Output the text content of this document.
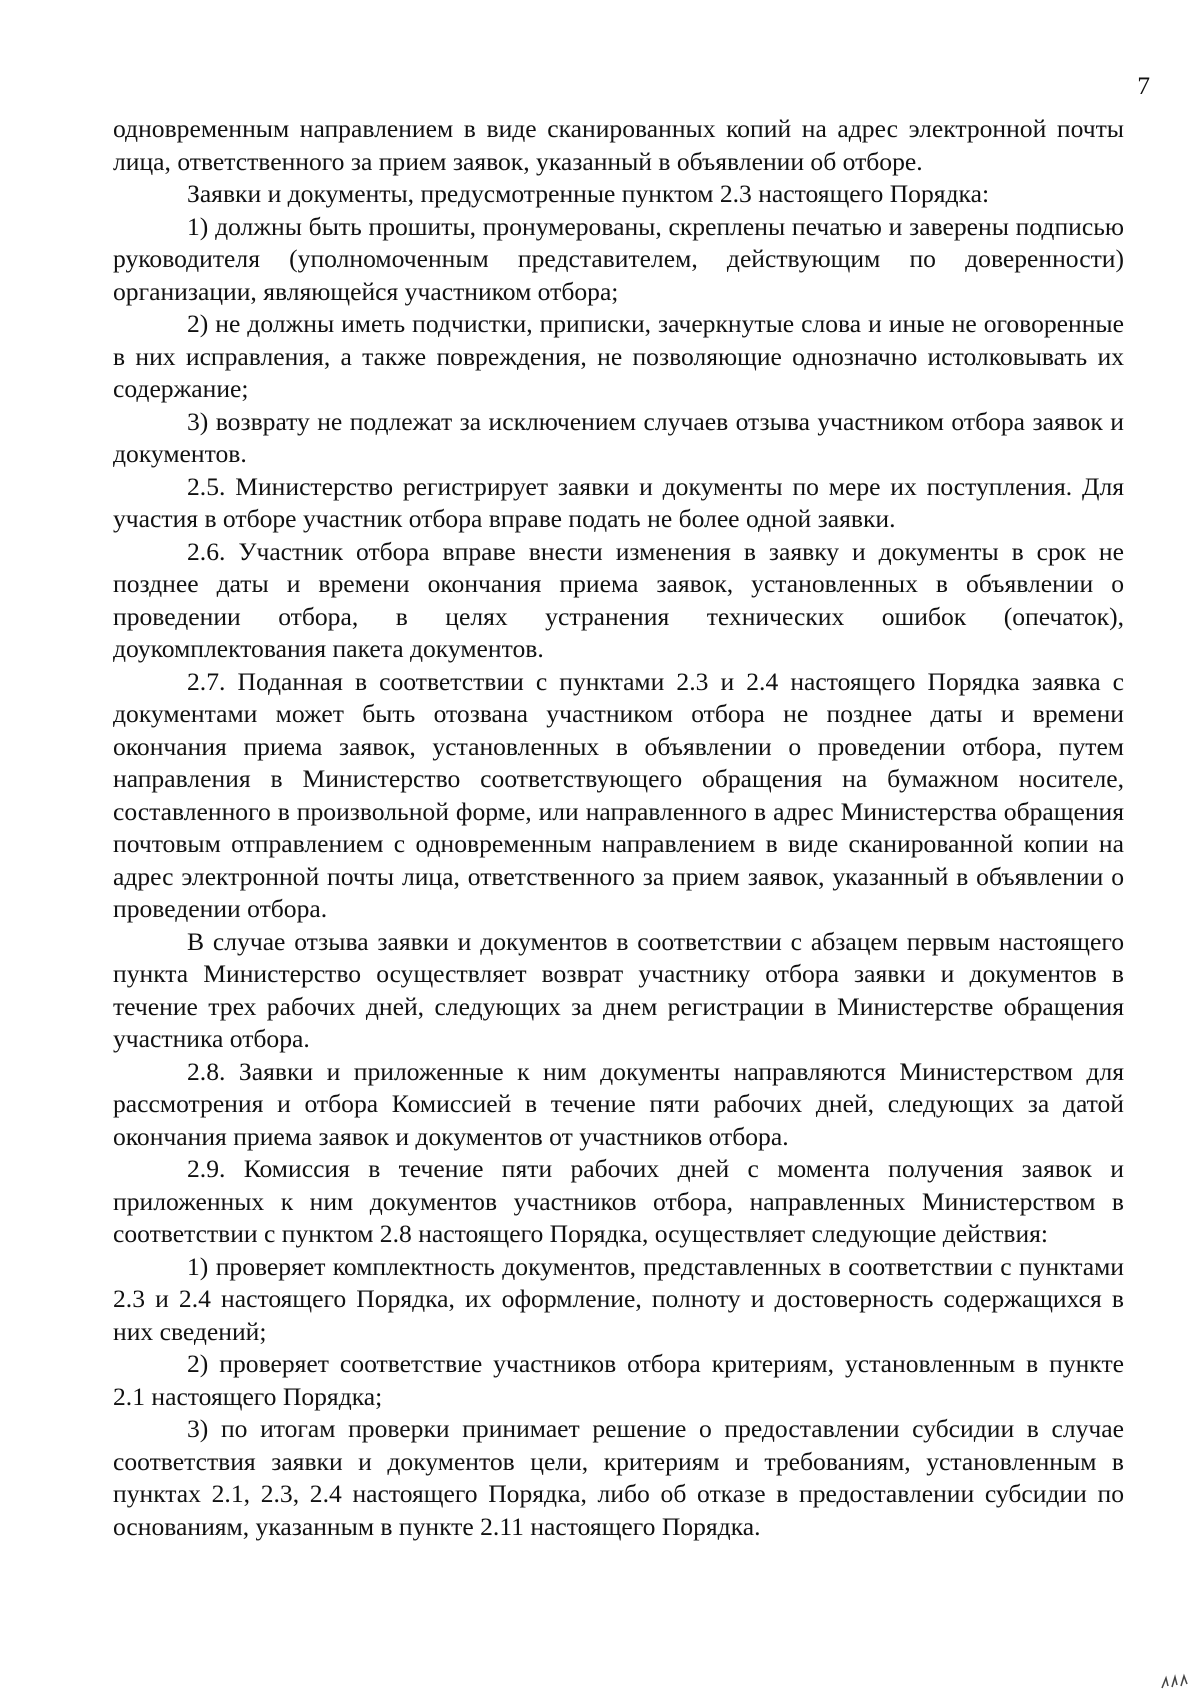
7

одновременным направлением в виде сканированных копий на адрес электронной почты лица, ответственного за прием заявок, указанный в объявлении об отборе.

Заявки и документы, предусмотренные пунктом 2.3 настоящего Порядка:

1) должны быть прошиты, пронумерованы, скреплены печатью и заверены подписью руководителя (уполномоченным представителем, действующим по доверенности) организации, являющейся участником отбора;

2) не должны иметь подчистки, приписки, зачеркнутые слова и иные не оговоренные в них исправления, а также повреждения, не позволяющие однозначно истолковывать их содержание;

3) возврату не подлежат за исключением случаев отзыва участником отбора заявок и документов.

2.5. Министерство регистрирует заявки и документы по мере их поступления. Для участия в отборе участник отбора вправе подать не более одной заявки.

2.6. Участник отбора вправе внести изменения в заявку и документы в срок не позднее даты и времени окончания приема заявок, установленных в объявлении о проведении отбора, в целях устранения технических ошибок (опечаток), доукомплектования пакета документов.

2.7. Поданная в соответствии с пунктами 2.3 и 2.4 настоящего Порядка заявка с документами может быть отозвана участником отбора не позднее даты и времени окончания приема заявок, установленных в объявлении о проведении отбора, путем направления в Министерство соответствующего обращения на бумажном носителе, составленного в произвольной форме, или направленного в адрес Министерства обращения почтовым отправлением с одновременным направлением в виде сканированной копии на адрес электронной почты лица, ответственного за прием заявок, указанный в объявлении о проведении отбора.

В случае отзыва заявки и документов в соответствии с абзацем первым настоящего пункта Министерство осуществляет возврат участнику отбора заявки и документов в течение трех рабочих дней, следующих за днем регистрации в Министерстве обращения участника отбора.

2.8. Заявки и приложенные к ним документы направляются Министерством для рассмотрения и отбора Комиссией в течение пяти рабочих дней, следующих за датой окончания приема заявок и документов от участников отбора.

2.9. Комиссия в течение пяти рабочих дней с момента получения заявок и приложенных к ним документов участников отбора, направленных Министерством в соответствии с пунктом 2.8 настоящего Порядка, осуществляет следующие действия:

1) проверяет комплектность документов, представленных в соответствии с пунктами 2.3 и 2.4 настоящего Порядка, их оформление, полноту и достоверность содержащихся в них сведений;

2) проверяет соответствие участников отбора критериям, установленным в пункте 2.1 настоящего Порядка;

3) по итогам проверки принимает решение о предоставлении субсидии в случае соответствия заявки и документов цели, критериям и требованиям, установленным в пунктах 2.1, 2.3, 2.4 настоящего Порядка, либо об отказе в предоставлении субсидии по основаниям, указанным в пункте 2.11 настоящего Порядка.
